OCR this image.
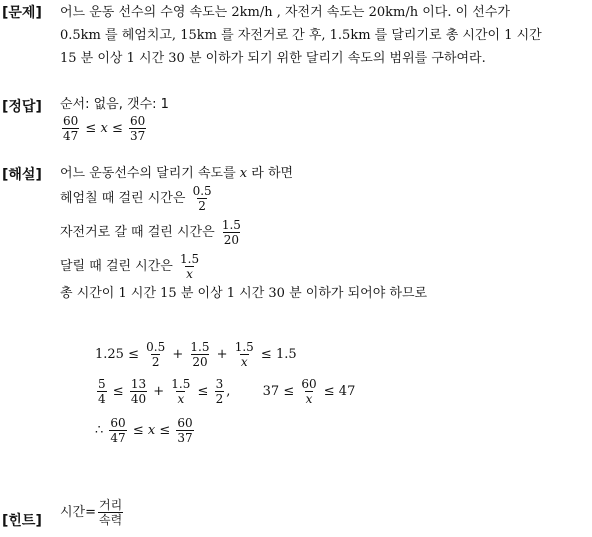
[문제] 어느 운동 선수의 수영 속도는 2km/h , 자전거 속도는 20km/h 이다. 이 선수가
0.5km 를 헤엄치고, 15km 를 자전거로 간 후, 1.5km 를 달리기로 총 시간이 1 시간
15 분 이상 1 시간 30 분 이하가 되기 위한 달리기 속도의 범위를 구하여라.
[정답] 순서: 없음, 갯수: 1
$\frac{60}{47} \le x \le \frac{60}{37}$
[해설] 어느 운동선수의 달리기 속도를 x 라 하면
헤엄칠 때 걸린 시간은 $\frac{0.5}{2}$
자전거로 갈 때 걸린 시간은 $\frac{1.5}{20}$
달릴 때 걸린 시간은 $\frac{1.5}{x}$
총 시간이 1 시간 15 분 이상 1 시간 30 분 이하가 되어야 하므로
$1.25 \le \frac{0.5}{2} + \frac{1.5}{20} + \frac{1.5}{x} \le 1.5$
$\frac{5}{4} \le \frac{13}{40} + \frac{1.5}{x} \le \frac{3}{2}$ , $37 \le \frac{60}{x} \le 47$
∴ $\frac{60}{47} \le x \le \frac{60}{37}$
[힌트]
시간= $\frac{\text{거리}}{\text{속력}}$
